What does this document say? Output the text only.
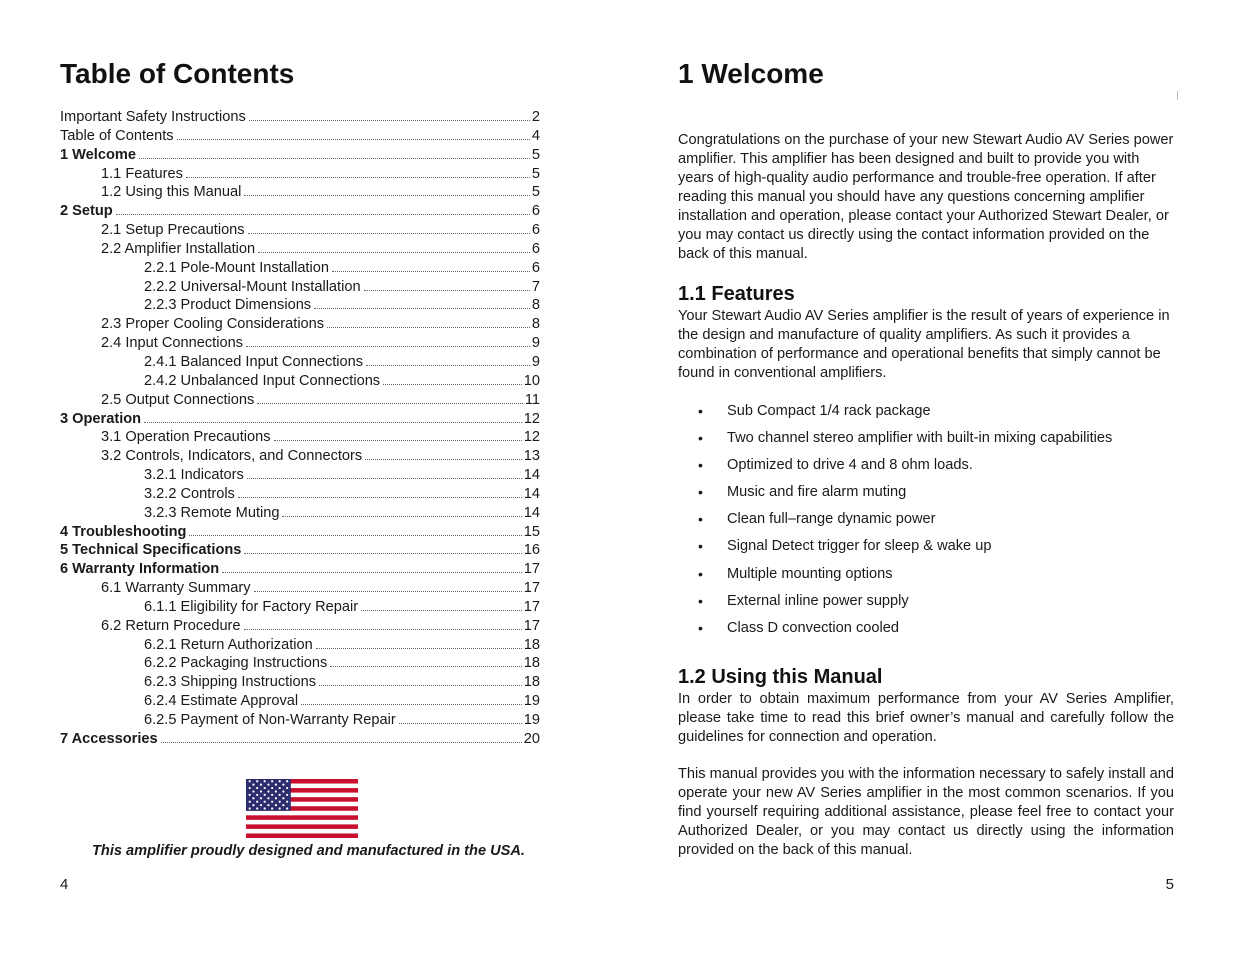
Table of Contents
Important Safety Instructions	2
Table of Contents	4
1 Welcome	5
1.1 Features	5
1.2 Using this Manual	5
2 Setup	6
2.1 Setup Precautions	6
2.2 Amplifier Installation	6
2.2.1 Pole-Mount Installation	6
2.2.2 Universal-Mount Installation	7
2.2.3 Product Dimensions	8
2.3 Proper Cooling Considerations	8
2.4 Input Connections	9
2.4.1 Balanced Input Connections	9
2.4.2 Unbalanced Input Connections	10
2.5 Output Connections	11
3 Operation	12
3.1 Operation Precautions	12
3.2 Controls, Indicators, and Connectors	13
3.2.1 Indicators	14
3.2.2 Controls	14
3.2.3 Remote Muting	14
4 Troubleshooting	15
5 Technical Specifications	16
6 Warranty Information	17
6.1 Warranty Summary	17
6.1.1 Eligibility for Factory Repair	17
6.2 Return Procedure	17
6.2.1 Return Authorization	18
6.2.2 Packaging Instructions	18
6.2.3 Shipping Instructions	18
6.2.4 Estimate Approval	19
6.2.5 Payment of Non-Warranty Repair	19
7 Accessories	20
This amplifier proudly designed and manufactured in the USA.
4
1 Welcome

Congratulations on the purchase of your new Stewart Audio AV Series power amplifier. This amplifier has been designed and built to provide you with years of high-quality audio performance and trouble-free operation. If after reading this manual you should have any questions concerning amplifier installation and operation, please contact your Authorized Stewart Dealer, or you may contact us directly using the contact information provided on the back of this manual.

1.1 Features

Your Stewart Audio AV Series amplifier is the result of years of experience in the design and manufacture of quality amplifiers. As such it provides a combination of performance and operational benefits that simply cannot be found in conventional amplifiers.

• Sub Compact 1/4 rack package
• Two channel stereo amplifier with built-in mixing capabilities
• Optimized to drive 4 and 8 ohm loads.
• Music and fire alarm muting
• Clean full–range dynamic power
• Signal Detect trigger for sleep & wake up
• Multiple mounting options
• External inline power supply
• Class D convection cooled
1.2 Using this Manual

In order to obtain maximum performance from your AV Series Amplifier, please take time to read this brief owner’s manual and carefully follow the guidelines for connection and operation.

This manual provides you with the information necessary to safely install and operate your new AV Series amplifier in the most common scenarios. If you find yourself requiring additional assistance, please feel free to contact your Authorized Dealer, or you may contact us directly using the information provided on the back of this manual.

5
